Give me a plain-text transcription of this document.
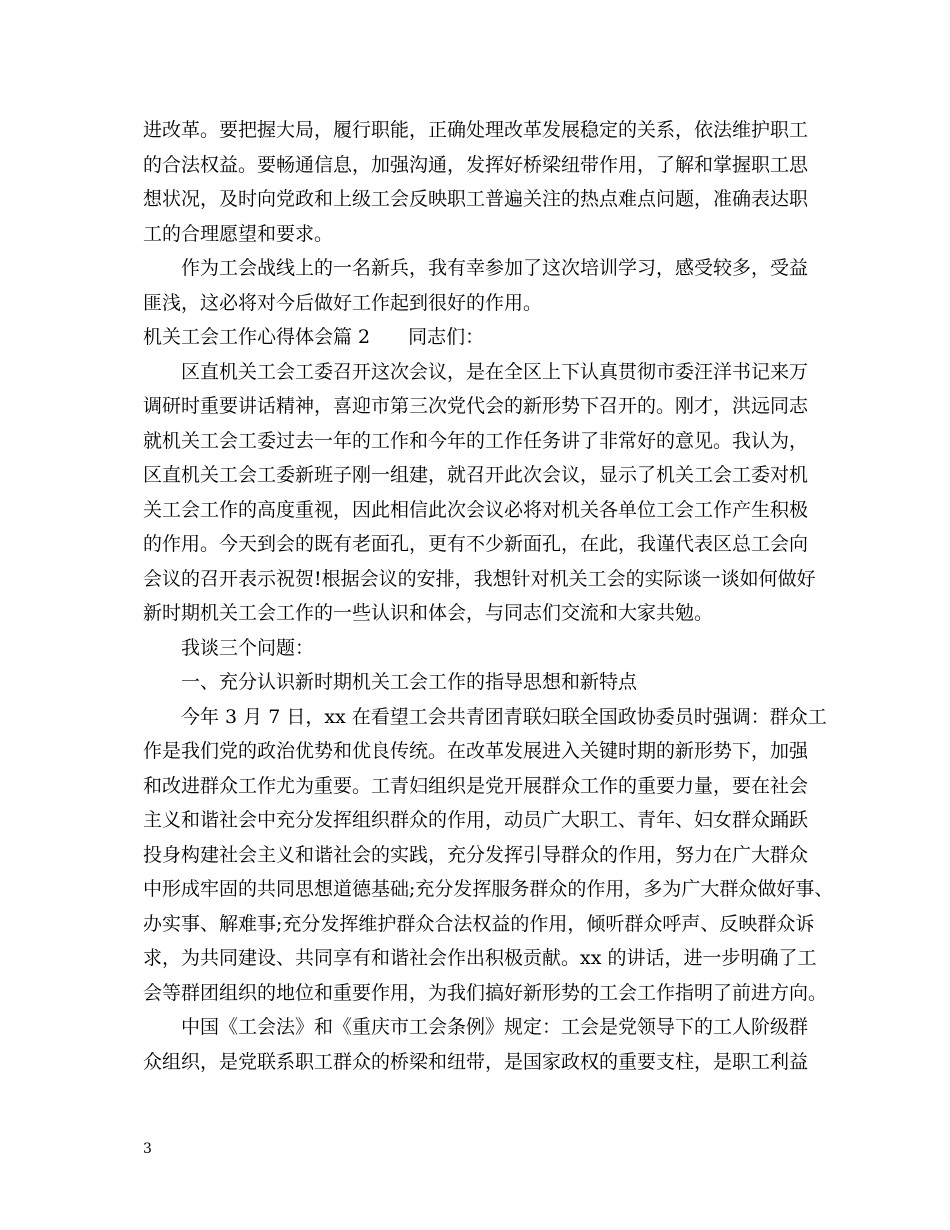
进改革。要把握大局，履行职能，正确处理改革发展稳定的关系，依法维护职工
的合法权益。要畅通信息，加强沟通，发挥好桥梁纽带作用，了解和掌握职工思
想状况，及时向党政和上级工会反映职工普遍关注的热点难点问题，准确表达职
工的合理愿望和要求。
作为工会战线上的一名新兵，我有幸参加了这次培训学习，感受较多，受益
匪浅，这必将对今后做好工作起到很好的作用。
机关工会工作心得体会篇 2 同志们：
区直机关工会工委召开这次会议，是在全区上下认真贯彻市委汪洋书记来万
调研时重要讲话精神，喜迎市第三次党代会的新形势下召开的。刚才，洪远同志
就机关工会工委过去一年的工作和今年的工作任务讲了非常好的意见。我认为，
区直机关工会工委新班子刚一组建，就召开此次会议，显示了机关工会工委对机
关工会工作的高度重视，因此相信此次会议必将对机关各单位工会工作产生积极
的作用。今天到会的既有老面孔，更有不少新面孔，在此，我谨代表区总工会向
会议的召开表示祝贺!根据会议的安排，我想针对机关工会的实际谈一谈如何做好
新时期机关工会工作的一些认识和体会，与同志们交流和大家共勉。
我谈三个问题：
一、充分认识新时期机关工会工作的指导思想和新特点
今年 3 月 7 日，xx 在看望工会共青团青联妇联全国政协委员时强调：群众工
作是我们党的政治优势和优良传统。在改革发展进入关键时期的新形势下，加强
和改进群众工作尤为重要。工青妇组织是党开展群众工作的重要力量，要在社会
主义和谐社会中充分发挥组织群众的作用，动员广大职工、青年、妇女群众踊跃
投身构建社会主义和谐社会的实践，充分发挥引导群众的作用，努力在广大群众
中形成牢固的共同思想道德基础;充分发挥服务群众的作用，多为广大群众做好事、
办实事、解难事;充分发挥维护群众合法权益的作用，倾听群众呼声、反映群众诉
求，为共同建设、共同享有和谐社会作出积极贡献。xx 的讲话，进一步明确了工
会等群团组织的地位和重要作用，为我们搞好新形势的工会工作指明了前进方向。
中国《工会法》和《重庆市工会条例》规定：工会是党领导下的工人阶级群
众组织，是党联系职工群众的桥梁和纽带，是国家政权的重要支柱，是职工利益
3
